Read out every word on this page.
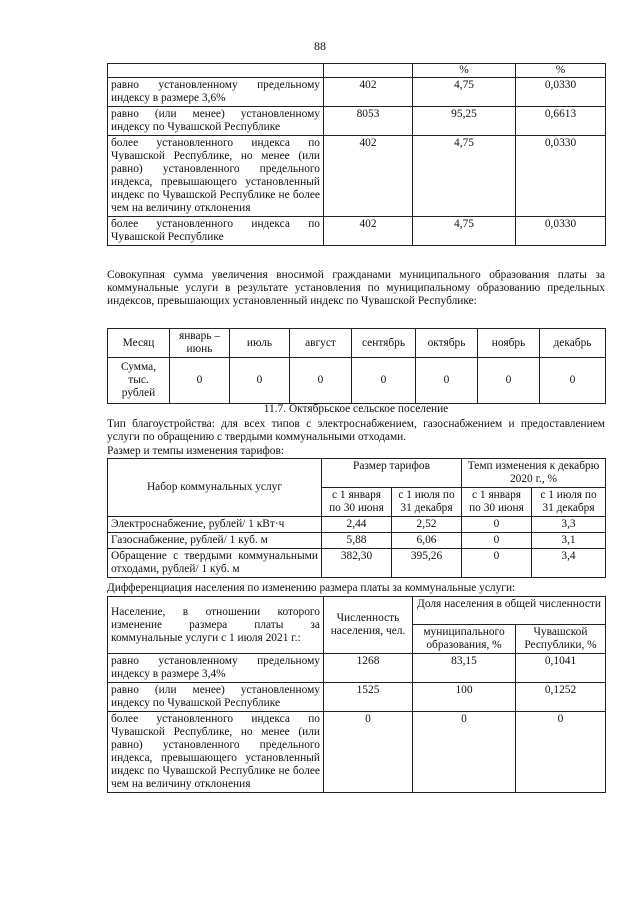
88
		%	%
равно установленному предельному индексу в размере 3,6%	402	4,75	0,0330
равно (или менее) установленному индексу по Чувашской Республике	8053	95,25	0,6613
более установленного индекса по Чувашской Республике, но менее (или равно) установленного предельного индекса, превышающего установленный индекс по Чувашской Республике не более чем на величину отклонения	402	4,75	0,0330
более установленного индекса по Чувашской Республике	402	4,75	0,0330
Совокупная сумма увеличения вносимой гражданами муниципального образования платы за коммунальные услуги в результате установления по муниципальному образованию предельных индексов, превышающих установленный индекс по Чувашской Республике:
Месяц	январь – июнь	июль	август	сентябрь	октябрь	ноябрь	декабрь
Сумма, тыс. рублей	0	0	0	0	0	0	0
11.7. Октябрьское сельское поселение
Тип благоустройства: для всех типов с электроснабжением, газоснабжением и предоставлением услуги по обращению с твердыми коммунальными отходами.
Размер и темпы изменения тарифов:
Набор коммунальных услуг	Размер тарифов		Темп изменения к декабрю 2020 г., %	
	с 1 января по 30 июня	с 1 июля по 31 декабря	с 1 января по 30 июня	с 1 июля по 31 декабря
Электроснабжение, рублей/ 1 кВт·ч	2,44	2,52	0	3,3
Газоснабжение, рублей/ 1 куб. м	5,88	6,06	0	3,1
Обращение с твердыми коммунальными отходами, рублей/ 1 куб. м	382,30	395,26	0	3,4
Дифференциация населения по изменению размера платы за коммунальные услуги:
Население, в отношении которого изменение размера платы за коммунальные услуги с 1 июля 2021 г.:	Численность населения, чел.	Доля населения в общей численности	
		муниципального образования, %	Чувашской Республики, %
равно установленному предельному индексу в размере 3,4%	1268	83,15	0,1041
равно (или менее) установленному индексу по Чувашской Республике	1525	100	0,1252
более установленного индекса по Чувашской Республике, но менее (или равно) установленного предельного индекса, превышающего установленный индекс по Чувашской Республике не более чем на величину отклонения	0	0	0
